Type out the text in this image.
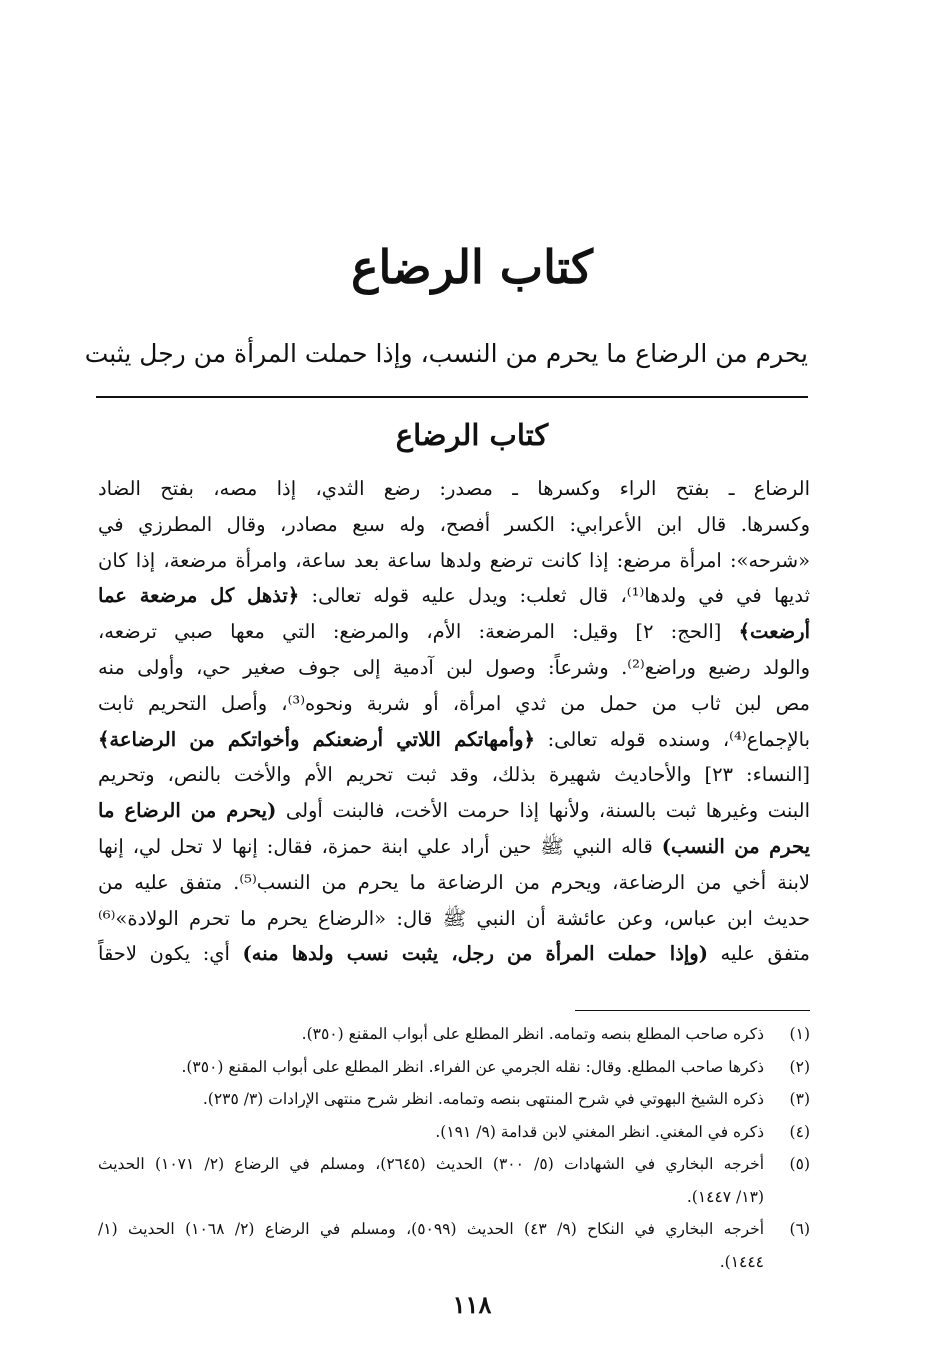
كتاب الرضاع
يحرم من الرضاع ما يحرم من النسب، وإذا حملت المرأة من رجل يثبت
كتاب الرضاع
الرضاع ـ بفتح الراء وكسرها ـ مصدر: رضع الثدي، إذا مصه، بفتح الضاد
وكسرها. قال ابن الأعرابي: الكسر أفصح، وله سبع مصادر، وقال المطرزي في
«شرحه»: امرأة مرضع: إذا كانت ترضع ولدها ساعة بعد ساعة، وامرأة مرضعة، إذا كان
ثديها في في ولدها⁽¹⁾، قال ثعلب: ويدل عليه قوله تعالى: ﴿تذهل كل مرضعة عما
أرضعت﴾ [الحج: ٢] وقيل: المرضعة: الأم، والمرضع: التي معها صبي ترضعه،
والولد رضيع وراضع⁽²⁾. وشرعاً: وصول لبن آدمية إلى جوف صغير حي، وأولى منه
مص لبن ثاب من حمل من ثدي امرأة، أو شربة ونحوه⁽³⁾، وأصل التحريم ثابت
بالإجماع⁽⁴⁾، وسنده قوله تعالى: ﴿وأمهاتكم اللاتي أرضعنكم وأخواتكم من الرضاعة﴾
[النساء: ٢٣] والأحاديث شهيرة بذلك، وقد ثبت تحريم الأم والأخت بالنص، وتحريم
البنت وغيرها ثبت بالسنة، ولأنها إذا حرمت الأخت، فالبنت أولى (يحرم من الرضاع ما
يحرم من النسب) قاله النبي ﷺ حين أراد علي ابنة حمزة، فقال: إنها لا تحل لي، إنها
لابنة أخي من الرضاعة، ويحرم من الرضاعة ما يحرم من النسب⁽⁵⁾. متفق عليه من
حديث ابن عباس، وعن عائشة أن النبي ﷺ قال: «الرضاع يحرم ما تحرم الولادة»⁽⁶⁾
متفق عليه (وإذا حملت المرأة من رجل، يثبت نسب ولدها منه) أي: يكون لاحقاً
(١)
ذكره صاحب المطلع بنصه وتمامه. انظر المطلع على أبواب المقنع (٣٥٠).
(٢)
ذكرها صاحب المطلع. وقال: نقله الجرمي عن الفراء. انظر المطلع على أبواب المقنع (٣٥٠).
(٣)
ذكره الشيخ البهوتي في شرح المنتهى بنصه وتمامه. انظر شرح منتهى الإرادات (٣/ ٢٣٥).
(٤)
ذكره في المغني. انظر المغني لابن قدامة (٩/ ١٩١).
(٥)
أخرجه البخاري في الشهادات (٥/ ٣٠٠) الحديث (٢٦٤٥)، ومسلم في الرضاع (٢/ ١٠٧١) الحديث
(١٣/ ١٤٤٧).
(٦)
أخرجه البخاري في النكاح (٩/ ٤٣) الحديث (٥٠٩٩)، ومسلم في الرضاع (٢/ ١٠٦٨) الحديث (١/
١٤٤٤).
١١٨
